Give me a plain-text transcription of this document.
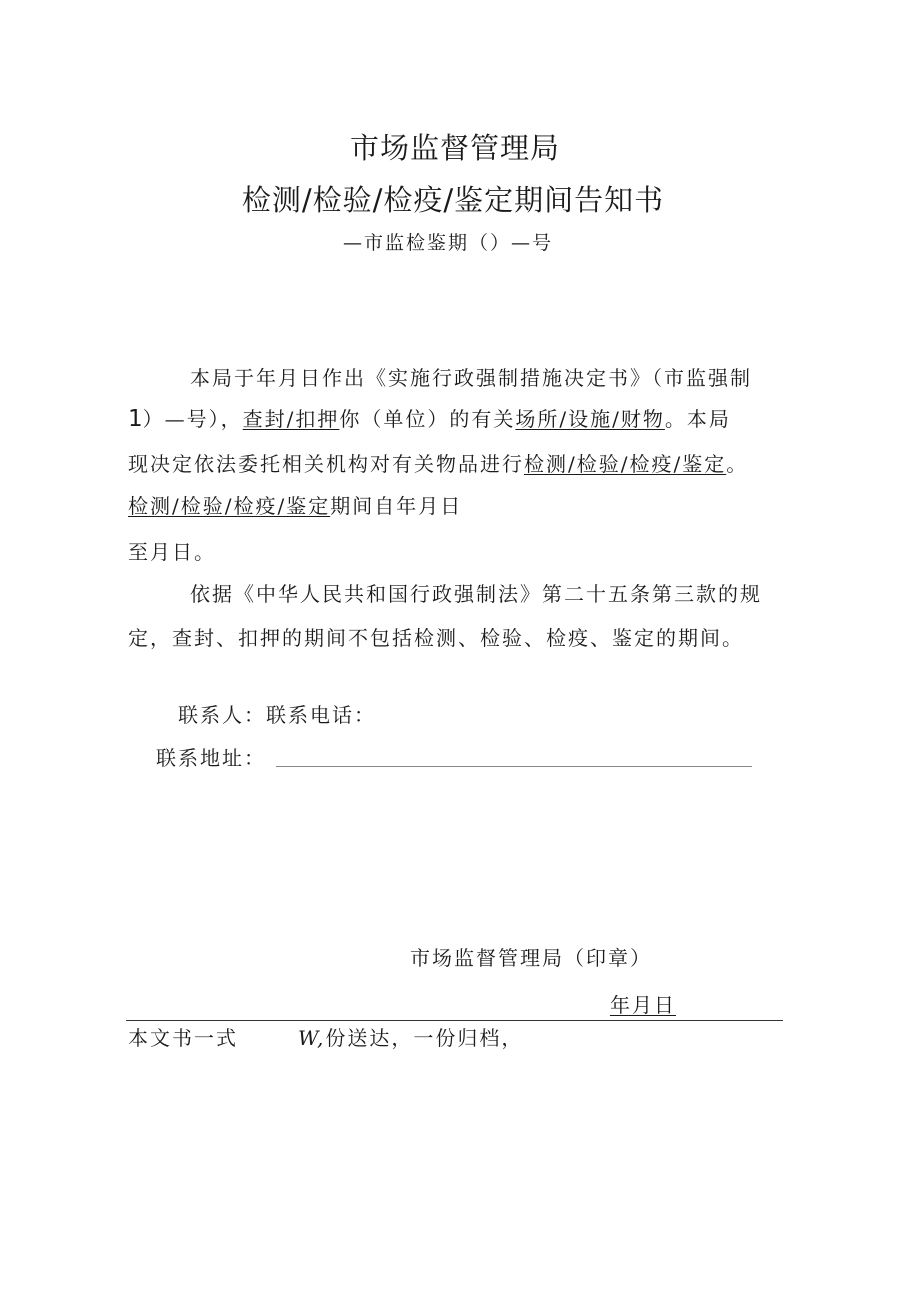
市场监督管理局
检测/检验/检疫/鉴定期间告知书
—市监检鉴期（）—号
本局于年月日作出《实施行政强制措施决定书》（市监强制
1）—号），查封/扣押你（单位）的有关场所/设施/财物。本局
现决定依法委托相关机构对有关物品进行检测/检验/检疫/鉴定。
检测/检验/检疫/鉴定期间自年月日
至月日。
依据《中华人民共和国行政强制法》第二十五条第三款的规
定，查封、扣押的期间不包括检测、检验、检疫、鉴定的期间。
联系人：联系电话：
联系地址：
市场监督管理局（印章）
年月日
本文书一式	W,份送达，一份归档，
